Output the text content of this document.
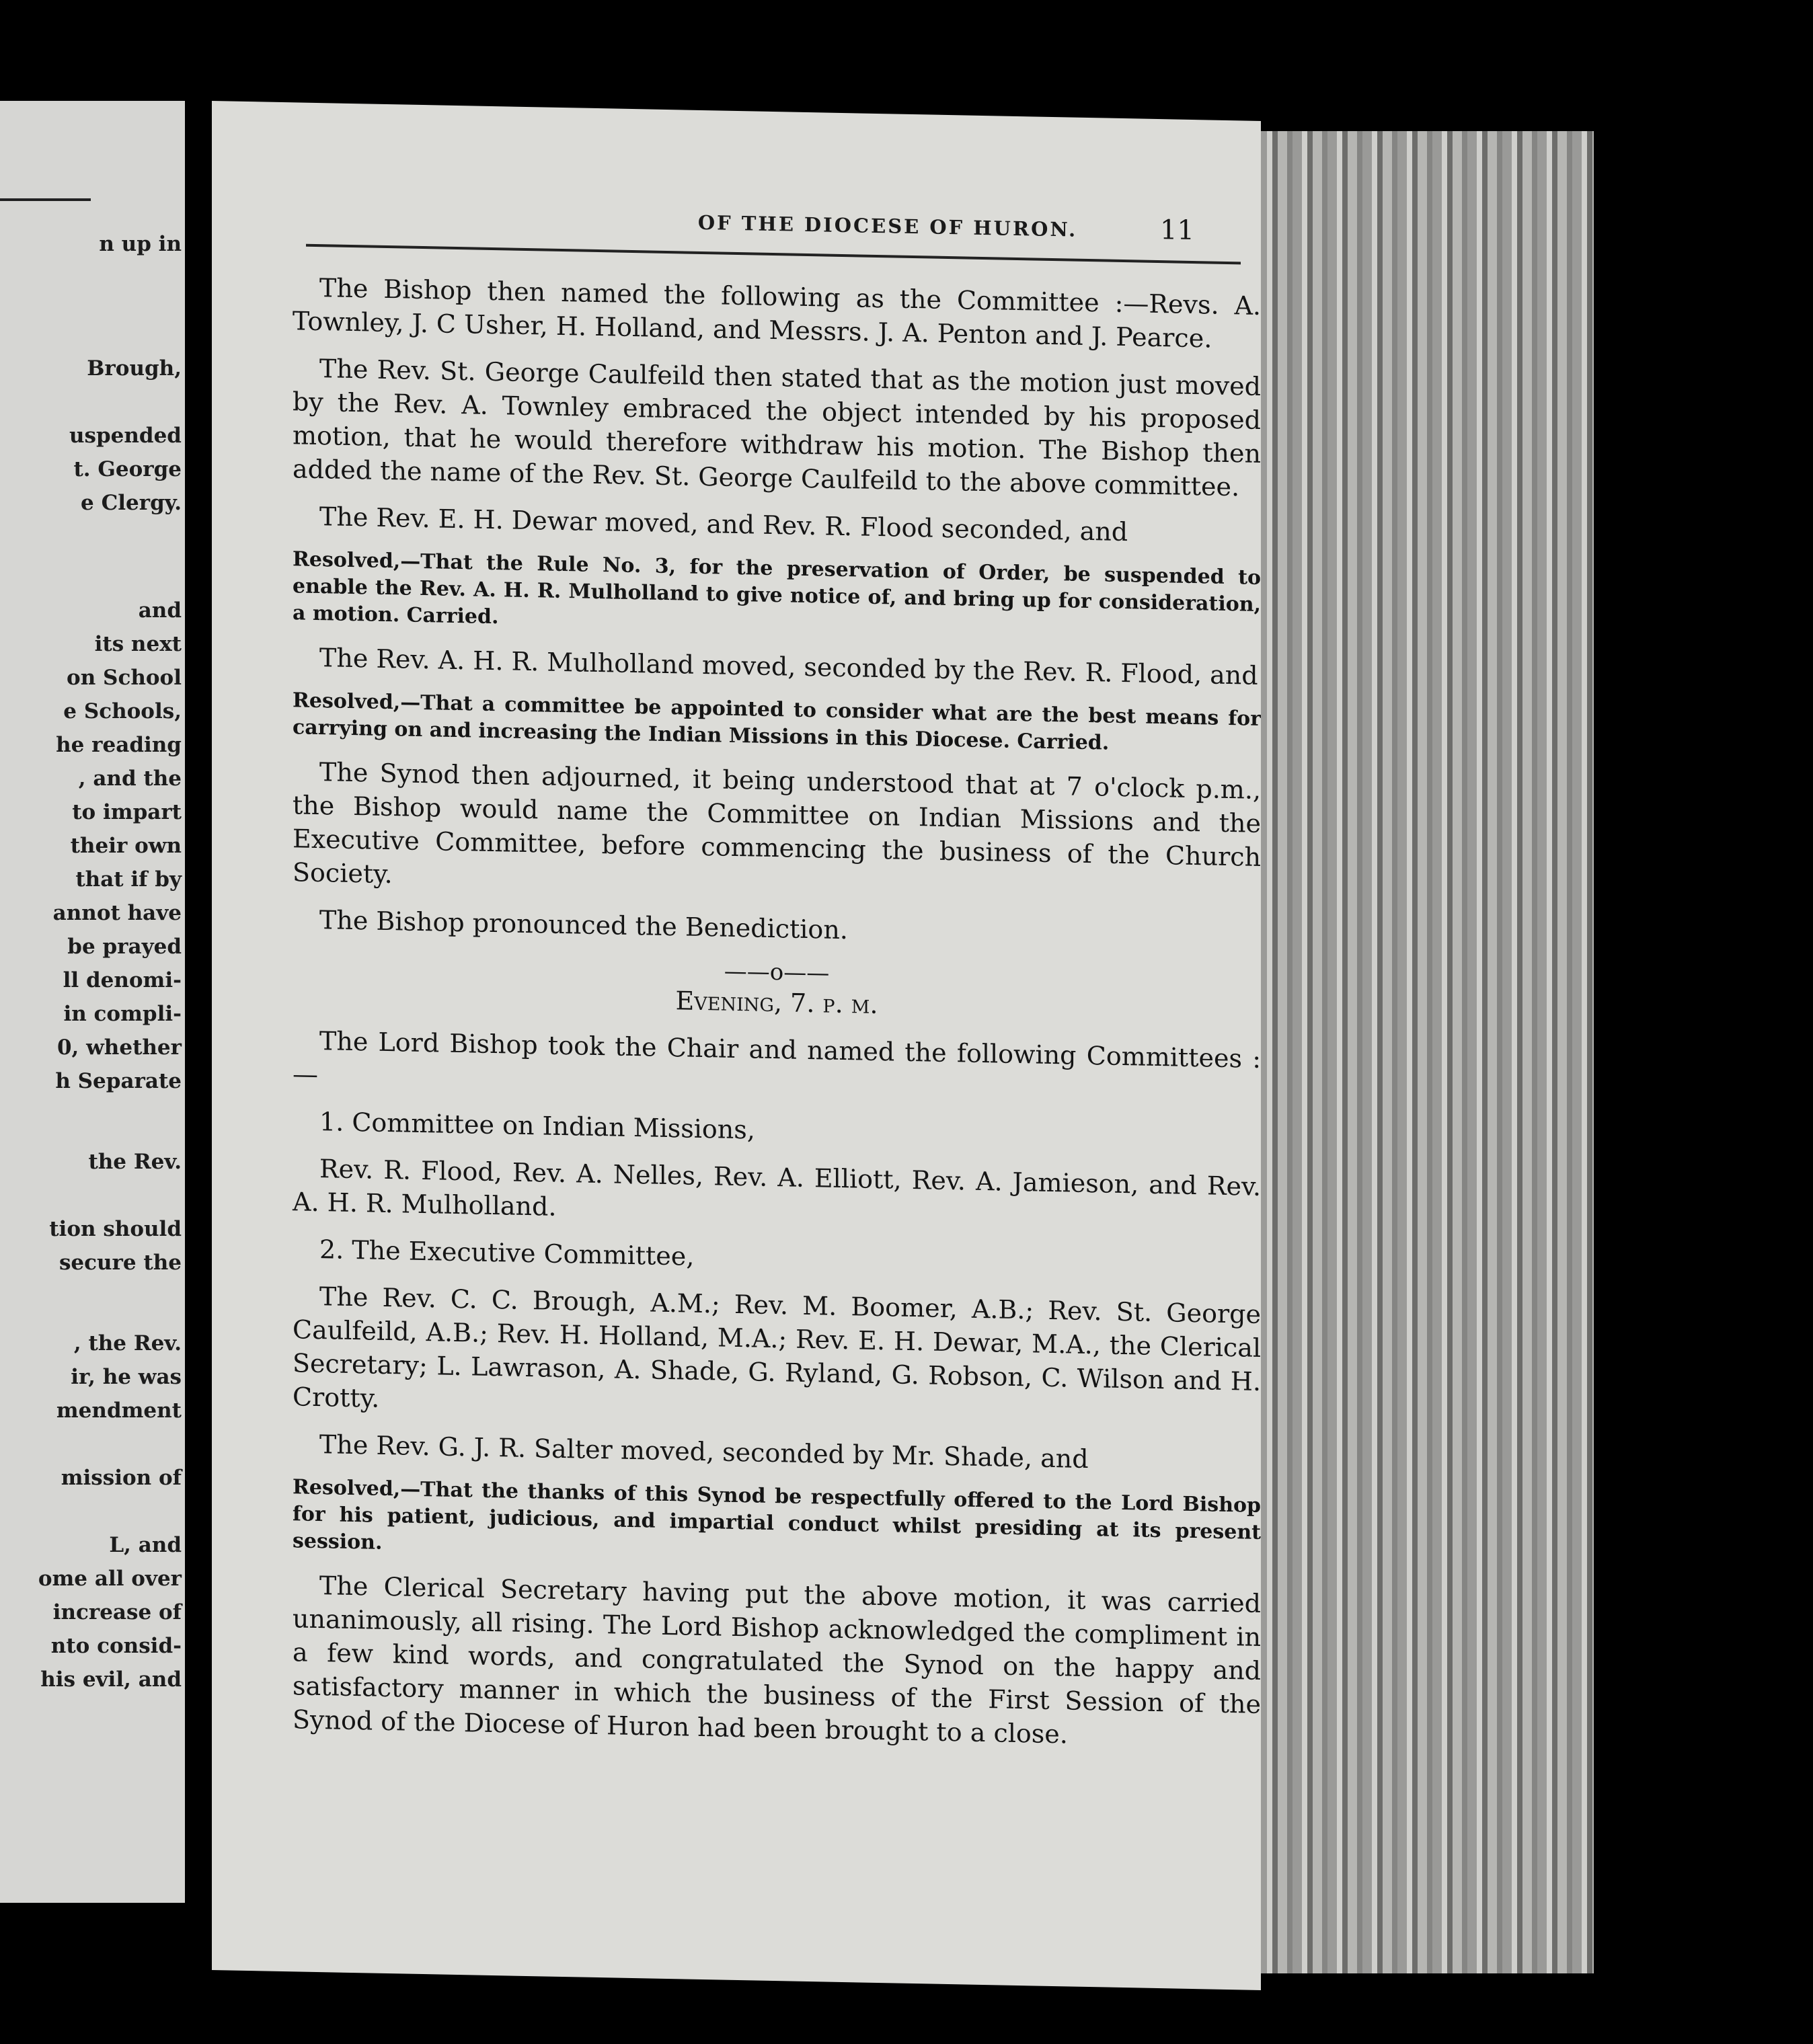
n up in
Brough,
uspended
t. George
e Clergy.
and
its next
on School
e Schools,
he reading
, and the
to impart
their own
that if by
annot have
be prayed
ll denomi-
in compli-
0, whether
h Separate
the Rev.
tion should
secure the
, the Rev.
ir, he was
mendment
mission of
L, and
ome all over
increase of
nto consid-
his evil, and
OF THE DIOCESE OF HURON.	11

The Bishop then named the following as the Committee :—Revs. A. Townley, J. C Usher, H. Holland, and Messrs. J. A. Penton and J. Pearce.

The Rev. St. George Caulfeild then stated that as the motion just moved by the Rev. A. Townley embraced the object intended by his proposed motion, that he would therefore withdraw his motion. The Bishop then added the name of the Rev. St. George Caulfeild to the above committee.

The Rev. E. H. Dewar moved, and Rev. R. Flood seconded, and

Resolved,—That the Rule No. 3, for the preservation of Order, be suspended to enable the Rev. A. H. R. Mulholland to give notice of, and bring up for consideration, a motion. Carried.

The Rev. A. H. R. Mulholland moved, seconded by the Rev. R. Flood, and

Resolved,—That a committee be appointed to consider what are the best means for carrying on and increasing the Indian Missions in this Diocese. Carried.

The Synod then adjourned, it being understood that at 7 o'clock p.m., the Bishop would name the Committee on Indian Missions and the Executive Committee, before commencing the business of the Church Society.

The Bishop pronounced the Benediction.

——o——

Evening, 7. p. m.

The Lord Bishop took the Chair and named the following Committees :—

1. Committee on Indian Missions,

Rev. R. Flood, Rev. A. Nelles, Rev. A. Elliott, Rev. A. Jamieson, and Rev. A. H. R. Mulholland.

2. The Executive Committee,

The Rev. C. C. Brough, A.M.; Rev. M. Boomer, A.B.; Rev. St. George Caulfeild, A.B.; Rev. H. Holland, M.A.; Rev. E. H. Dewar, M.A., the Clerical Secretary; L. Lawrason, A. Shade, G. Ryland, G. Robson, C. Wilson and H. Crotty.

The Rev. G. J. R. Salter moved, seconded by Mr. Shade, and

Resolved,—That the thanks of this Synod be respectfully offered to the Lord Bishop for his patient, judicious, and impartial conduct whilst presiding at its present session.

The Clerical Secretary having put the above motion, it was carried unanimously, all rising. The Lord Bishop acknowledged the compliment in a few kind words, and congratulated the Synod on the happy and satisfactory manner in which the business of the First Session of the Synod of the Diocese of Huron had been brought to a close.
